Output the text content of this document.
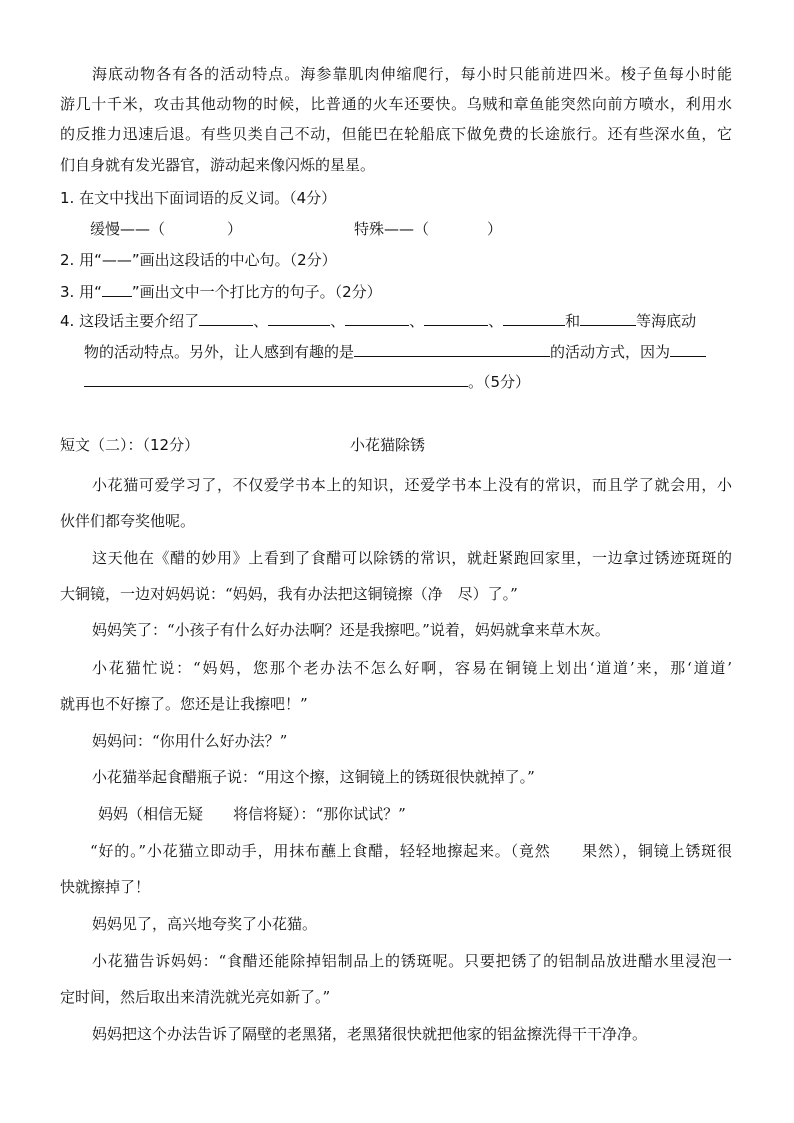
海底动物各有各的活动特点。海参靠肌肉伸缩爬行，每小时只能前进四米。梭子鱼每小时能
游几十千米，攻击其他动物的时候，比普通的火车还要快。乌贼和章鱼能突然向前方喷水，利用水
的反推力迅速后退。有些贝类自己不动，但能巴在轮船底下做免费的长途旅行。还有些深水鱼，它
们自身就有发光器官，游动起来像闪烁的星星。
1. 在文中找出下面词语的反义词。（4分）
缓慢——（	）	特殊——（	）
2. 用“——”画出这段话的中心句。（2分）
3. 用“ ”画出文中一个打比方的句子。（2分）
4. 这段话主要介绍了	、	、	、	、	和	等海底动
物的活动特点。另外，让人感到有趣的是	的活动方式，因为
。（5分）
短文（二）：（12分）	小花猫除锈
小花猫可爱学习了，不仅爱学书本上的知识，还爱学书本上没有的常识，而且学了就会用，小
伙伴们都夸奖他呢。
这天他在《醋的妙用》上看到了食醋可以除锈的常识，就赶紧跑回家里，一边拿过锈迹斑斑的
大铜镜，一边对妈妈说：“妈妈，我有办法把这铜镜擦（净　尽）了。”
妈妈笑了：“小孩子有什么好办法啊？还是我擦吧。”说着，妈妈就拿来草木灰。
小花猫忙说：“妈妈，您那个老办法不怎么好啊，容易在铜镜上划出‘道道’来，那‘道道’
就再也不好擦了。您还是让我擦吧！”
妈妈问：“你用什么好办法？”
小花猫举起食醋瓶子说：“用这个擦，这铜镜上的锈斑很快就掉了。”
妈妈（相信无疑　　将信将疑）：“那你试试？”
“好的。”小花猫立即动手，用抹布蘸上食醋，轻轻地擦起来。（竟然　　果然），铜镜上锈斑很
快就擦掉了！
妈妈见了，高兴地夸奖了小花猫。
小花猫告诉妈妈：“食醋还能除掉铝制品上的锈斑呢。只要把锈了的铝制品放进醋水里浸泡一
定时间，然后取出来清洗就光亮如新了。”
妈妈把这个办法告诉了隔壁的老黑猪，老黑猪很快就把他家的铝盆擦洗得干干净净。
